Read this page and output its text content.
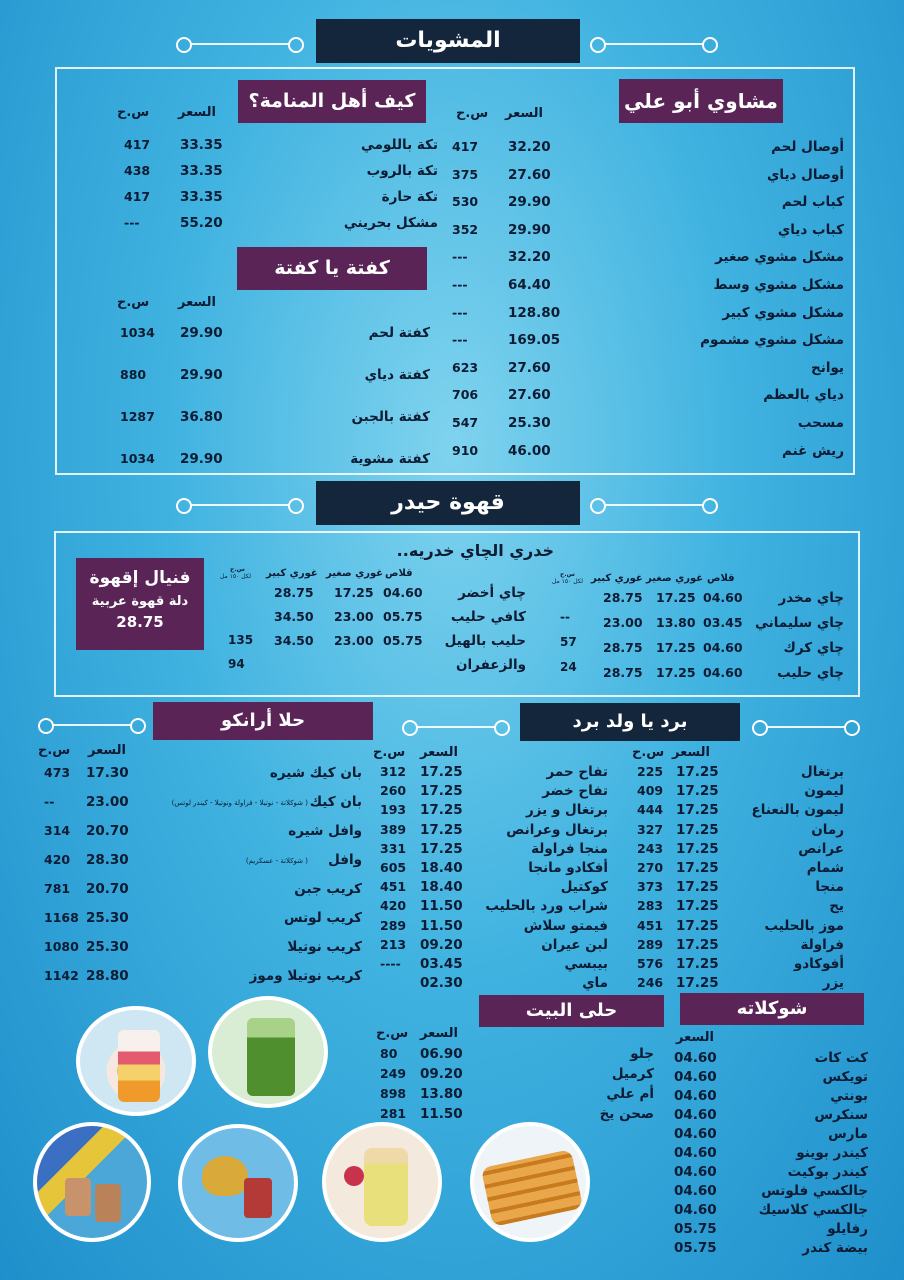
المشويات
مشاوي أبو علي
السعر
س.ح
أوصال لحم
32.20
417
أوصال دياي
27.60
375
كباب لحم
29.90
530
كباب دياي
29.90
352
مشكل مشوي صغير
32.20
---
مشكل مشوي وسط
64.40
---
مشكل مشوي كبير
128.80
---
مشكل مشوي مشموم
169.05
---
يوانح
27.60
623
دياي بالعظم
27.60
706
مسحب
25.30
547
ريش غنم
46.00
910
كيف أهل المنامة؟
السعر
س.ح
تكة باللومي
33.35
417
تكة بالروب
33.35
438
تكة حارة
33.35
417
مشكل بحريني
55.20
---
كفتة يا كفتة
السعر
س.ح
كفتة لحم
29.90
1034
كفتة دياي
29.90
880
كفتة بالجبن
36.80
1287
كفتة مشوية
29.90
1034
قهوة حيدر
خدري الچاي خدريه..
قلاص
غوري صغير
غوري كبير
س.ح
لكل ١٥٠ مل
قلاص
غوري صغير
غوري كبير
س.ح
لكل ١٥٠ مل
چاي مخدر
04.60
17.25
28.75
چاي سليماني
03.45
13.80
23.00
--
چاي كرك
04.60
17.25
28.75
57
چاي حليب
04.60
17.25
28.75
24
چاي أخضر
04.60
17.25
28.75
كافي حليب
05.75
23.00
34.50
135	حليب بالهيل
05.75
23.00
34.50
94	والزعفران
فنيال إقهوة
دلة قهوة عربية
28.75
برد يا ولد برد
السعر
س.ح
السعر
س.ح
برتغال
17.25
225
ليمون
17.25
409
ليمون بالنعناع
17.25
444
رمان
17.25
327
عرانص
17.25
243
شمام
17.25
270
منجا
17.25
373
يح
17.25
283
موز بالحليب
17.25
451
فراولة
17.25
289
أفوكادو
17.25
576
يزر
17.25
246
تفاح حمر
17.25
312
تفاح خضر
17.25
260
برتغال و يزر
17.25
193
برتغال وعرانص
17.25
389
منجا فراولة
17.25
331
أفكادو مانجا
18.40
605
كوكتيل
18.40
451
شراب ورد بالحليب
11.50
420
فيمتو سلاش
11.50
289
لبن عيران
09.20
213
بيبسي
03.45
----
ماي
02.30
حلا أرانكو
السعر
س.ح
بان كيك شيره
17.30
473
بان كيك
( شوكلاتة - نوتيلا - فراولة ونوتيلا - كيندر لوتس)
23.00
--
وافل شيره
20.70
314
وافل
( شوكلاتة - عسكريم)
28.30
420
كريب جبن
20.70
781
كريب لوتس
25.30
1168
كريب نوتيلا
25.30
1080
كريب نوتيلا وموز
28.80
1142
حلى البيت
السعر
س.ح
جلو
06.90
80
كرميل
09.20
249
أم علي
13.80
898
صحن يخ
11.50
281
شوكلاته
السعر
كت كات
04.60
تويكس
04.60
بونتي
04.60
سنكرس
04.60
مارس
04.60
كيندر بوينو
04.60
كيندر بوكيت
04.60
جالكسي فلوتس
04.60
جالكسي كلاسيك
04.60
رفايلو
05.75
بيضة كندر
05.75
